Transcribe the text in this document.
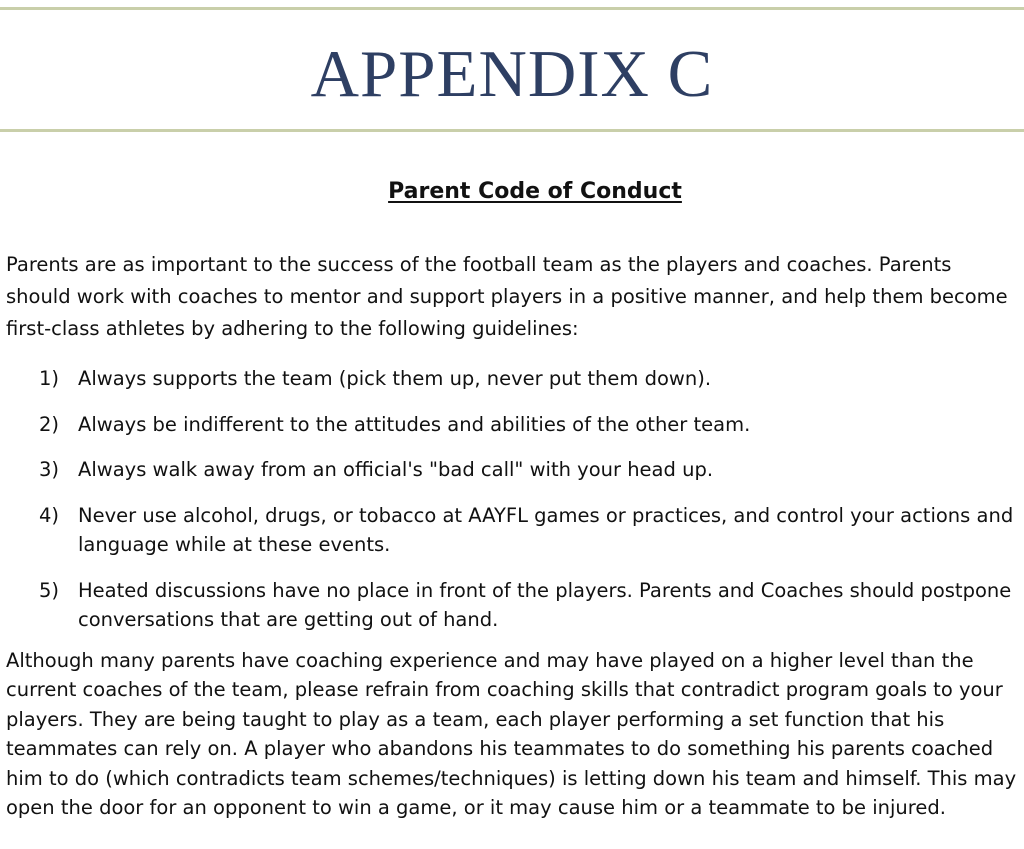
APPENDIX C
Parent Code of Conduct

Parents are as important to the success of the football team as the players and coaches. Parents should work with coaches to mentor and support players in a positive manner, and help them become first-class athletes by adhering to the following guidelines:

1) Always supports the team (pick them up, never put them down).
2) Always be indifferent to the attitudes and abilities of the other team.
3) Always walk away from an official's "bad call" with your head up.
4) Never use alcohol, drugs, or tobacco at AAYFL games or practices, and control your actions and language while at these events.
5) Heated discussions have no place in front of the players. Parents and Coaches should postpone conversations that are getting out of hand.

Although many parents have coaching experience and may have played on a higher level than the current coaches of the team, please refrain from coaching skills that contradict program goals to your players. They are being taught to play as a team, each player performing a set function that his teammates can rely on. A player who abandons his teammates to do something his parents coached him to do (which contradicts team schemes/techniques) is letting down his team and himself. This may open the door for an opponent to win a game, or it may cause him or a teammate to be injured.
